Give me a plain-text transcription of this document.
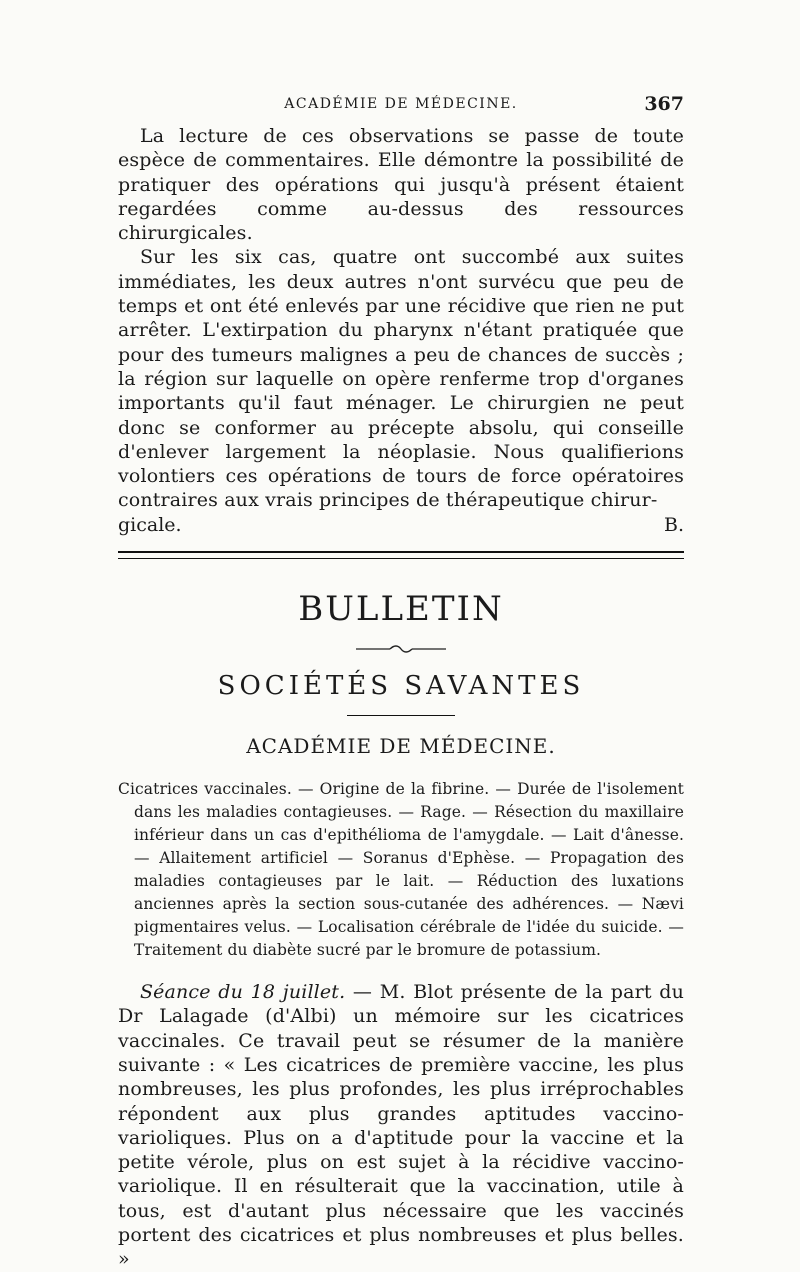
ACADÉMIE DE MÉDECINE.	367

La lecture de ces observations se passe de toute espèce de commentaires. Elle démontre la possibilité de pratiquer des opérations qui jusqu'à présent étaient regardées comme au-dessus des ressources chirurgicales.

Sur les six cas, quatre ont succombé aux suites immédiates, les deux autres n'ont survécu que peu de temps et ont été enlevés par une récidive que rien ne put arrêter. L'extirpation du pharynx n'étant pratiquée que pour des tumeurs malignes a peu de chances de succès ; la région sur laquelle on opère renferme trop d'organes importants qu'il faut ménager. Le chirurgien ne peut donc se conformer au précepte absolu, qui conseille d'enlever largement la néoplasie. Nous qualifierions volontiers ces opérations de tours de force opératoires contraires aux vrais principes de thérapeutique chirur-

gicale.	B.
BULLETIN
SOCIÉTÉS SAVANTES
ACADÉMIE DE MÉDECINE.

Cicatrices vaccinales. — Origine de la fibrine. — Durée de l'isolement dans les maladies contagieuses. — Rage. — Résection du maxillaire inférieur dans un cas d'epithélioma de l'amygdale. — Lait d'ânesse. — Allaitement artificiel — Soranus d'Ephèse. — Propagation des maladies contagieuses par le lait. — Réduction des luxations anciennes après la section sous-cutanée des adhérences. — Nævi pigmentaires velus. — Localisation cérébrale de l'idée du suicide. — Traitement du diabète sucré par le bromure de potassium.

Séance du 18 juillet. — M. Blot présente de la part du Dr Lalagade (d'Albi) un mémoire sur les cicatrices vaccinales. Ce travail peut se résumer de la manière suivante : « Les cicatrices de première vaccine, les plus nombreuses, les plus profondes, les plus irréprochables répondent aux plus grandes aptitudes vaccino-varioliques. Plus on a d'aptitude pour la vaccine et la petite vérole, plus on est sujet à la récidive vaccino-variolique. Il en résulterait que la vaccination, utile à tous, est d'autant plus nécessaire que les vaccinés portent des cicatrices et plus nombreuses et plus belles. »
